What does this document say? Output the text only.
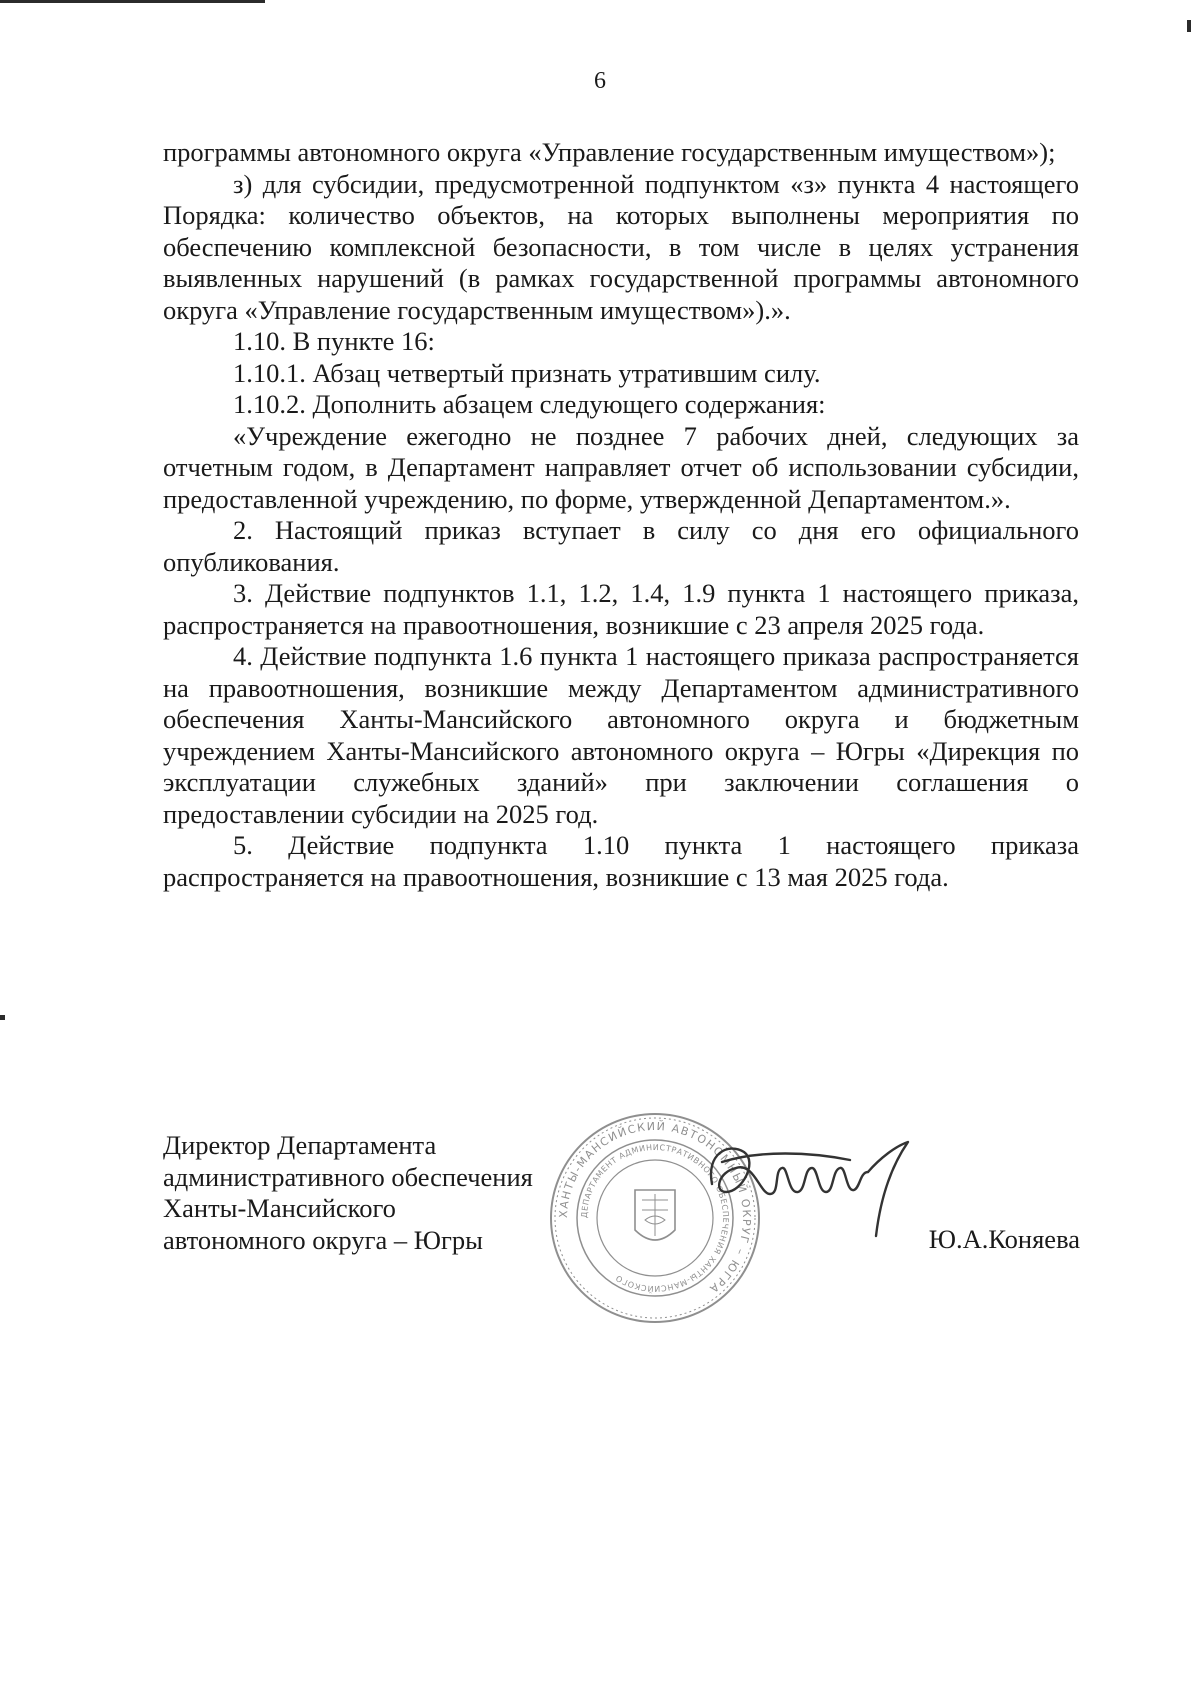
6

программы автономного округа «Управление государственным имуществом»);

з) для субсидии, предусмотренной подпунктом «з» пункта 4 настоящего Порядка: количество объектов, на которых выполнены мероприятия по обеспечению комплексной безопасности, в том числе в целях устранения выявленных нарушений (в рамках государственной программы автономного округа «Управление государственным имуществом»).».

1.10. В пункте 16:

1.10.1. Абзац четвертый признать утратившим силу.

1.10.2. Дополнить абзацем следующего содержания:

«Учреждение ежегодно не позднее 7 рабочих дней, следующих за отчетным годом, в Департамент направляет отчет об использовании субсидии, предоставленной учреждению, по форме, утвержденной Департаментом.».

2. Настоящий приказ вступает в силу со дня его официального опубликования.

3. Действие подпунктов 1.1, 1.2, 1.4, 1.9 пункта 1 настоящего приказа, распространяется на правоотношения, возникшие с 23 апреля 2025 года.

4. Действие подпункта 1.6 пункта 1 настоящего приказа распространяется на правоотношения, возникшие между Департаментом административного обеспечения Ханты-Мансийского автономного округа и бюджетным учреждением Ханты-Мансийского автономного округа – Югры «Дирекция по эксплуатации служебных зданий» при заключении соглашения о предоставлении субсидии на 2025 год.

5. Действие подпункта 1.10 пункта 1 настоящего приказа распространяется на правоотношения, возникшие с 13 мая 2025 года.

Директор Департамента
административного обеспечения
Ханты-Мансийского
автономного округа – Югры
ХАНТЫ-МАНСИЙСКИЙ АВТОНОМНЫЙ ОКРУГ – ЮГРА
ДЕПАРТАМЕНТ АДМИНИСТРАТИВНОГО ОБЕСПЕЧЕНИЯ ХАНТЫ-МАНСИЙСКОГО
Ю.А.Коняева
